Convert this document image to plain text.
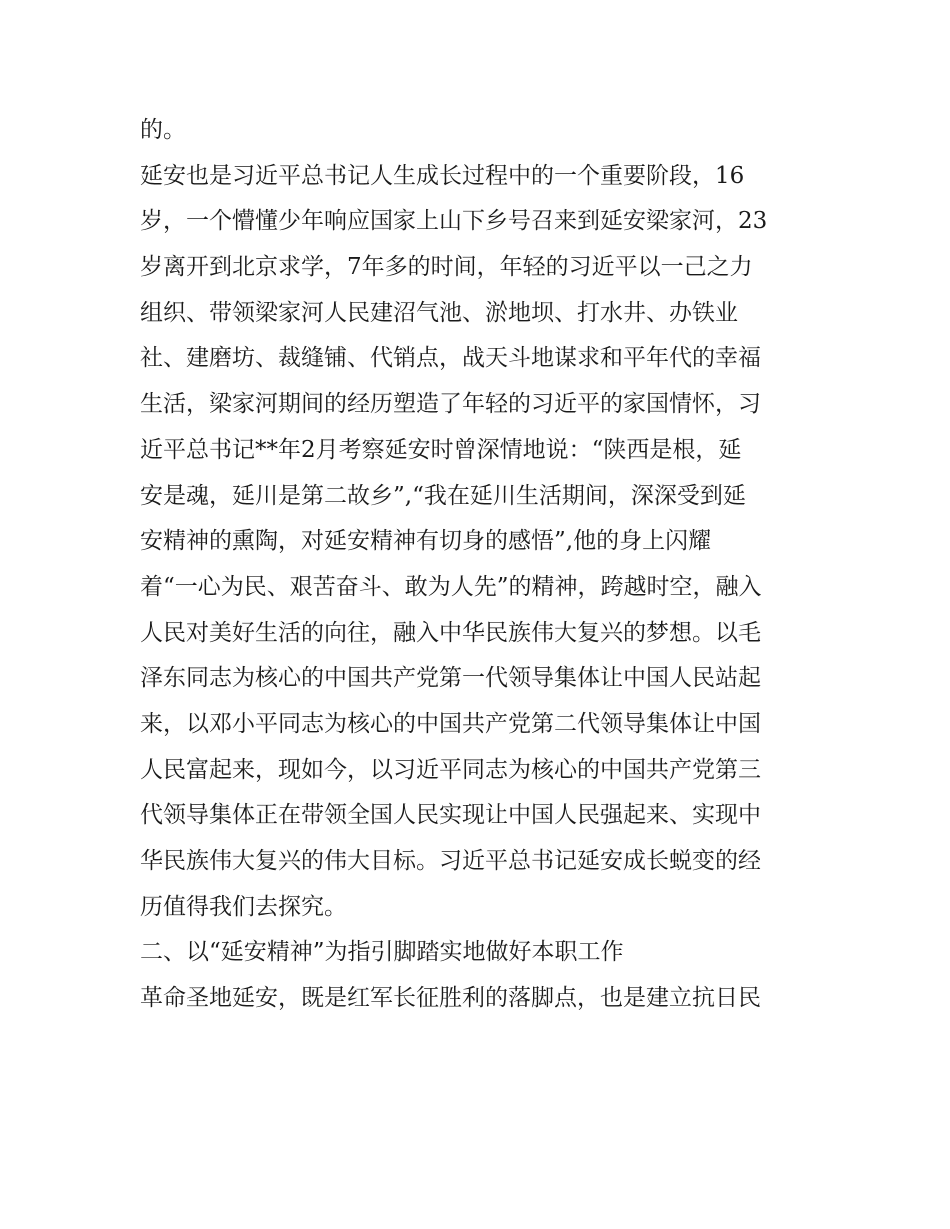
的。
延安也是习近平总书记人生成长过程中的一个重要阶段，16
岁，一个懵懂少年响应国家上山下乡号召来到延安梁家河，23
岁离开到北京求学，7年多的时间，年轻的习近平以一己之力
组织、带领梁家河人民建沼气池、淤地坝、打水井、办铁业
社、建磨坊、裁缝铺、代销点，战天斗地谋求和平年代的幸福
生活，梁家河期间的经历塑造了年轻的习近平的家国情怀，习
近平总书记**年2月考察延安时曾深情地说：“陕西是根，延
安是魂，延川是第二故乡”,“我在延川生活期间，深深受到延
安精神的熏陶，对延安精神有切身的感悟”,他的身上闪耀
着“一心为民、艰苦奋斗、敢为人先”的精神，跨越时空，融入
人民对美好生活的向往，融入中华民族伟大复兴的梦想。以毛
泽东同志为核心的中国共产党第一代领导集体让中国人民站起
来，以邓小平同志为核心的中国共产党第二代领导集体让中国
人民富起来，现如今，以习近平同志为核心的中国共产党第三
代领导集体正在带领全国人民实现让中国人民强起来、实现中
华民族伟大复兴的伟大目标。习近平总书记延安成长蜕变的经
历值得我们去探究。
二、以“延安精神”为指引脚踏实地做好本职工作
革命圣地延安，既是红军长征胜利的落脚点，也是建立抗日民
